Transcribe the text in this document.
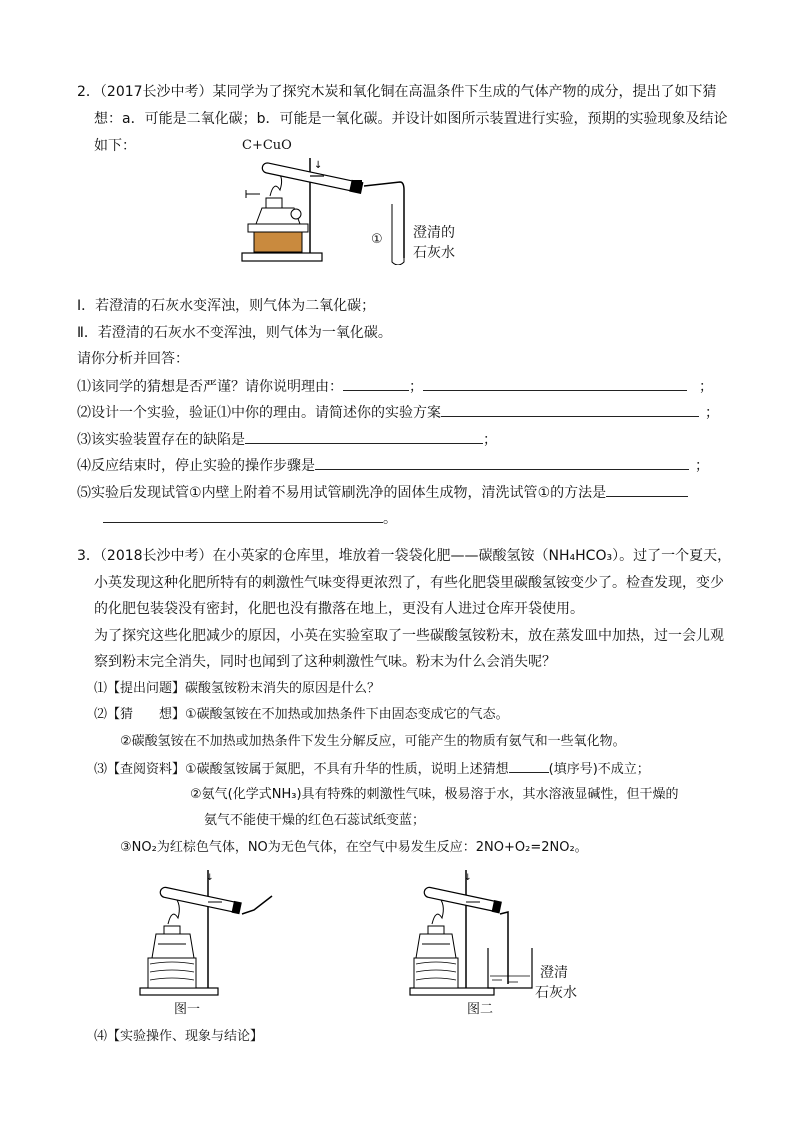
2．（2017长沙中考）某同学为了探究木炭和氧化铜在高温条件下生成的气体产物的成分，提出了如下猜
想：a．可能是二氧化碳；b．可能是一氧化碳。并设计如图所示装置进行实验，预期的实验现象及结论
如下：	C+CuO
↓
① 澄清的
石灰水
Ⅰ．若澄清的石灰水变浑浊，则气体为二氧化碳；
Ⅱ．若澄清的石灰水不变浑浊，则气体为一氧化碳。
请你分析并回答：
⑴该同学的猜想是否严谨？请你说明理由：	；	；
⑵设计一个实验，验证⑴中你的理由。请简述你的实验方案	；
⑶该实验装置存在的缺陷是	；
⑷反应结束时，停止实验的操作步骤是	；
⑸实验后发现试管①内壁上附着不易用试管刷洗净的固体生成物，清洗试管①的方法是
。
3．（2018长沙中考）在小英家的仓库里，堆放着一袋袋化肥——碳酸氢铵（NH₄HCO₃）。过了一个夏天，
小英发现这种化肥所特有的刺激性气味变得更浓烈了，有些化肥袋里碳酸氢铵变少了。检查发现，变少
的化肥包装袋没有密封，化肥也没有撒落在地上，更没有人进过仓库开袋使用。
为了探究这些化肥减少的原因，小英在实验室取了一些碳酸氢铵粉末，放在蒸发皿中加热，过一会儿观
察到粉末完全消失，同时也闻到了这种刺激性气味。粉末为什么会消失呢？
⑴【提出问题】碳酸氢铵粉末消失的原因是什么？
⑵【猜　　想】①碳酸氢铵在不加热或加热条件下由固态变成它的气态。
②碳酸氢铵在不加热或加热条件下发生分解反应，可能产生的物质有氨气和一些氧化物。
⑶【查阅资料】①碳酸氢铵属于氮肥，不具有升华的性质，说明上述猜想	(填序号)不成立；
②氨气(化学式NH₃)具有特殊的刺激性气味，极易溶于水，其水溶液显碱性，但干燥的
氨气不能使干燥的红色石蕊试纸变蓝；
③NO₂为红棕色气体，NO为无色气体，在空气中易发生反应：2NO+O₂=2NO₂。
↓
图一
↓
澄清
石灰水
图二
⑷【实验操作、现象与结论】
